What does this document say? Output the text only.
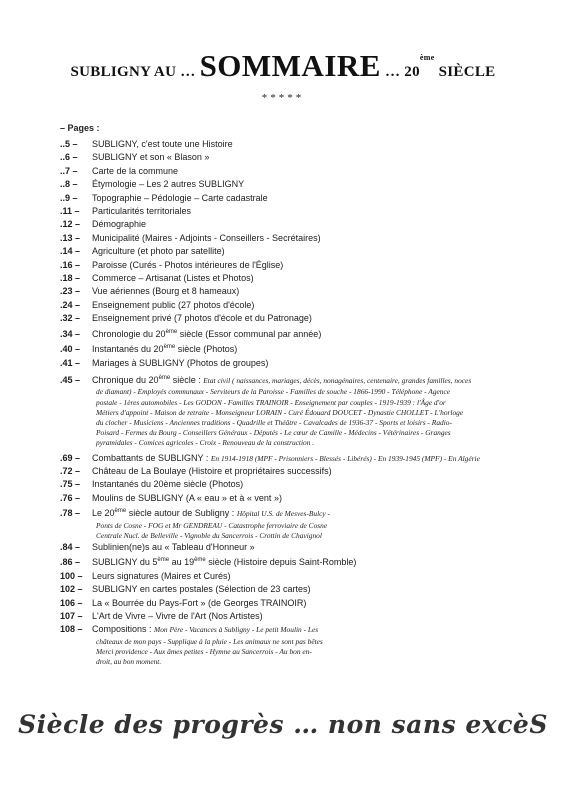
SUBLIGNY AU … SOMMAIRE … 20ème SIÈCLE
*****
– Pages :
..5 – SUBLIGNY, c'est toute une Histoire
..6 – SUBLIGNY et son « Blason »
..7 – Carte de la commune
..8 – Étymologie – Les 2 autres SUBLIGNY
..9 – Topographie – Pédologie – Carte cadastrale
.11 – Particularités territoriales
.12 – Démographie
.13 – Municipalité (Maires - Adjoints - Conseillers - Secrétaires)
.14 – Agriculture (et photo par satellite)
.16 – Paroisse (Curés - Photos intérieures de l'Église)
.18 – Commerce – Artisanat (Listes et Photos)
.23 – Vue aériennes (Bourg et 8 hameaux)
.24 – Enseignement public (27 photos d'école)
.32 – Enseignement privé (7 photos d'école et du Patronage)
.34 – Chronologie du 20ème siècle (Essor communal par année)
.40 – Instantanés du 20ème siècle (Photos)
.41 – Mariages à SUBLIGNY (Photos de groupes)
.45 – Chronique du 20ème siècle : Etat civil ( naissances, mariages, décès, nonagénaires, centenaire, grandes familles, noces
de diamant) - Employés communaux - Serviteurs de la Paroisse - Familles de souche - 1866-1990 - Téléphone - Agence
postale - 1ères automobiles - Les GODON - Familles TRAINOIR - Enseignement par couples - 1919-1939 : l'Âge d'or
Métiers d'appoint - Maison de retraite - Monseigneur LORAIN - Curé Édouard DOUCET - Dynastie CHOLLET - L'horloge
du clocher - Musiciens - Anciennes traditions - Quadrille et Théâtre - Cavalcades de 1936-37 - Sports et loisirs - Radio-
Poisard - Fermes du Bourg - Conseillers Généraux - Députés - Le cœur de Camille - Médecins - Vétérinaires - Granges
pyramidales - Comices agricoles - Croix - Renouveau de la construction .
.69 – Combattants de SUBLIGNY : En 1914-1918 (MPF - Prisonniers - Blessés - Libérés) - En 1939-1945 (MPF) - En Algérie
.72 – Château de La Boulaye (Histoire et propriétaires successifs)
.75 – Instantanés du 20ème siècle (Photos)
.76 – Moulins de SUBLIGNY (A « eau » et à « vent »)
.78 – Le 20ème siècle autour de Subligny : Hôpital U.S. de Mesves-Bulcy -
Ponts de Cosne - FOG et Mr GENDREAU - Catastrophe ferroviaire de Cosne
Centrale Nucl. de Belleville - Vignoble du Sancerrois - Crottin de Chavignol
.84 – Sublinien(ne)s au « Tableau d'Honneur »
.86 – SUBLIGNY du 5ème au 19ème siècle (Histoire depuis Saint-Romble)
100 – Leurs signatures (Maires et Curés)
102 – SUBLIGNY en cartes postales (Sélection de 23 cartes)
106 – La « Bourrée du Pays-Fort » (de Georges TRAINOIR)
107 – L'Art de Vivre – Vivre de l'Art (Nos Artistes)
108 – Compositions : Mon Père - Vacances à Subligny - Le petit Moulin - Les
châteaux de mon pays - Supplique à la pluie - Les animaux ne sont pas bêtes
Merci providence - Aux âmes petites - Hymne au Sancerrois - Au bon en-
droit, au bon moment.
Siècle des progrès … non sans excèS
